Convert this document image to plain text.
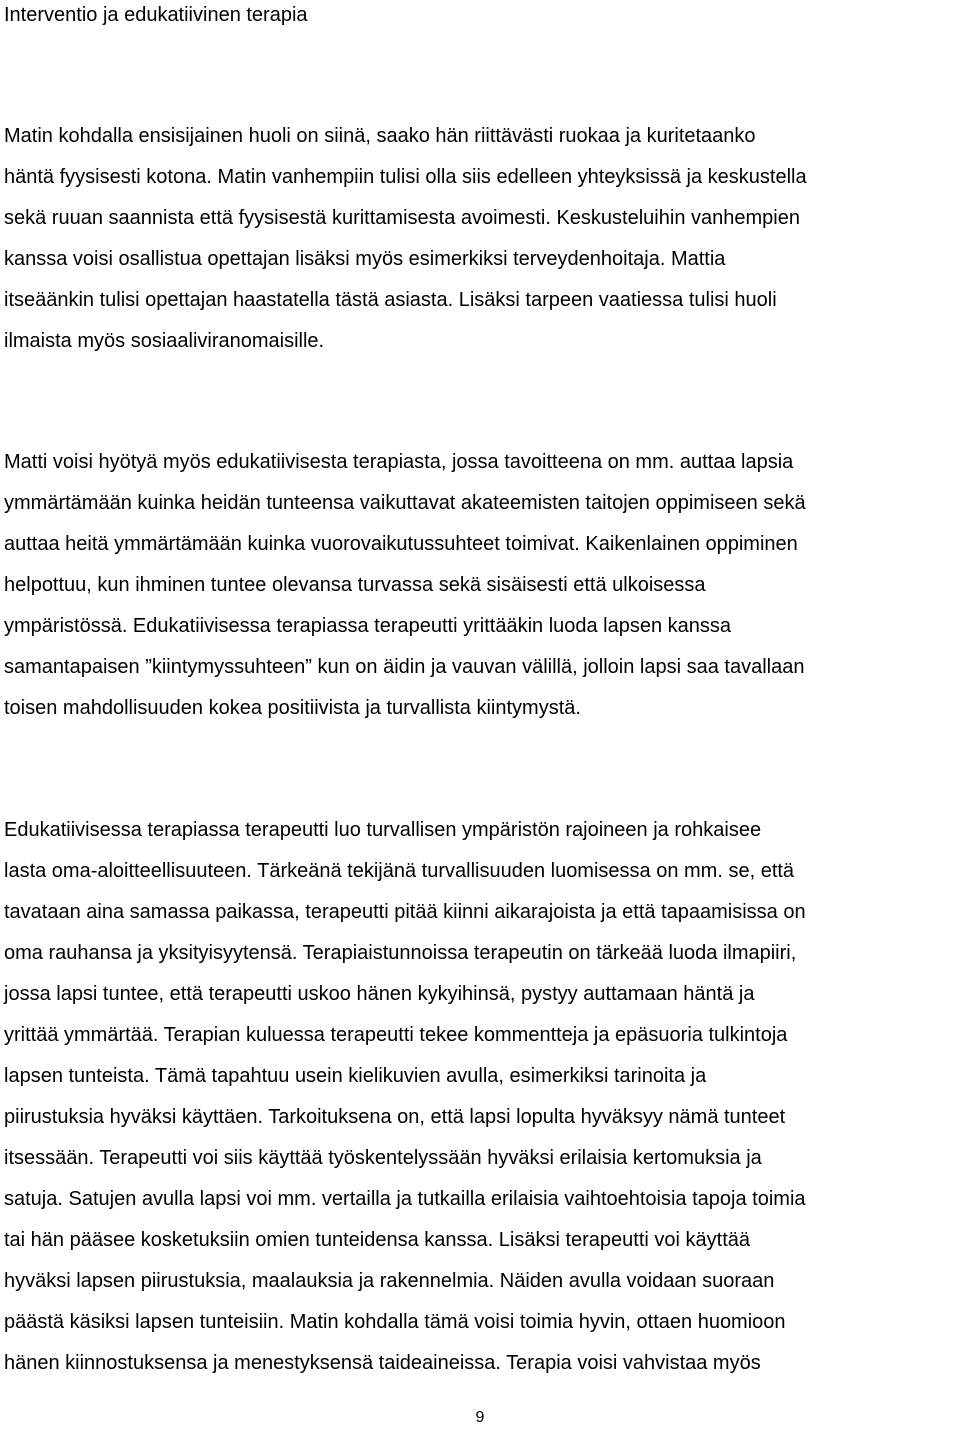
Interventio ja edukatiivinen terapia
Matin kohdalla ensisijainen huoli on siinä, saako hän riittävästi ruokaa ja kuritetaanko
häntä fyysisesti kotona. Matin vanhempiin tulisi olla siis edelleen yhteyksissä ja keskustella
sekä ruuan saannista että fyysisestä kurittamisesta avoimesti. Keskusteluihin vanhempien
kanssa voisi osallistua opettajan lisäksi myös esimerkiksi terveydenhoitaja. Mattia
itseäänkin tulisi opettajan haastatella tästä asiasta. Lisäksi tarpeen vaatiessa tulisi huoli
ilmaista myös sosiaaliviranomaisille.
Matti voisi hyötyä myös edukatiivisesta terapiasta, jossa tavoitteena on mm. auttaa lapsia
ymmärtämään kuinka heidän tunteensa vaikuttavat akateemisten taitojen oppimiseen sekä
auttaa heitä ymmärtämään kuinka vuorovaikutussuhteet toimivat. Kaikenlainen oppiminen
helpottuu, kun ihminen tuntee olevansa turvassa sekä sisäisesti että ulkoisessa
ympäristössä. Edukatiivisessa terapiassa terapeutti yrittääkin luoda lapsen kanssa
samantapaisen ”kiintymyssuhteen” kun on äidin ja vauvan välillä, jolloin lapsi saa tavallaan
toisen mahdollisuuden kokea positiivista ja turvallista kiintymystä.
Edukatiivisessa terapiassa terapeutti luo turvallisen ympäristön rajoineen ja rohkaisee
lasta oma-aloitteellisuuteen. Tärkeänä tekijänä turvallisuuden luomisessa on mm. se, että
tavataan aina samassa paikassa, terapeutti pitää kiinni aikarajoista ja että tapaamisissa on
oma rauhansa ja yksityisyytensä. Terapiaistunnoissa terapeutin on tärkeää luoda ilmapiiri,
jossa lapsi tuntee, että terapeutti uskoo hänen kykyihinsä, pystyy auttamaan häntä ja
yrittää ymmärtää. Terapian kuluessa terapeutti tekee kommentteja ja epäsuoria tulkintoja
lapsen tunteista. Tämä tapahtuu usein kielikuvien avulla, esimerkiksi tarinoita ja
piirustuksia hyväksi käyttäen. Tarkoituksena on, että lapsi lopulta hyväksyy nämä tunteet
itsessään. Terapeutti voi siis käyttää työskentelyssään hyväksi erilaisia kertomuksia ja
satuja. Satujen avulla lapsi voi mm. vertailla ja tutkailla erilaisia vaihtoehtoisia tapoja toimia
tai hän pääsee kosketuksiin omien tunteidensa kanssa. Lisäksi terapeutti voi käyttää
hyväksi lapsen piirustuksia, maalauksia ja rakennelmia. Näiden avulla voidaan suoraan
päästä käsiksi lapsen tunteisiin. Matin kohdalla tämä voisi toimia hyvin, ottaen huomioon
hänen kiinnostuksensa ja menestyksensä taideaineissa. Terapia voisi vahvistaa myös
9
